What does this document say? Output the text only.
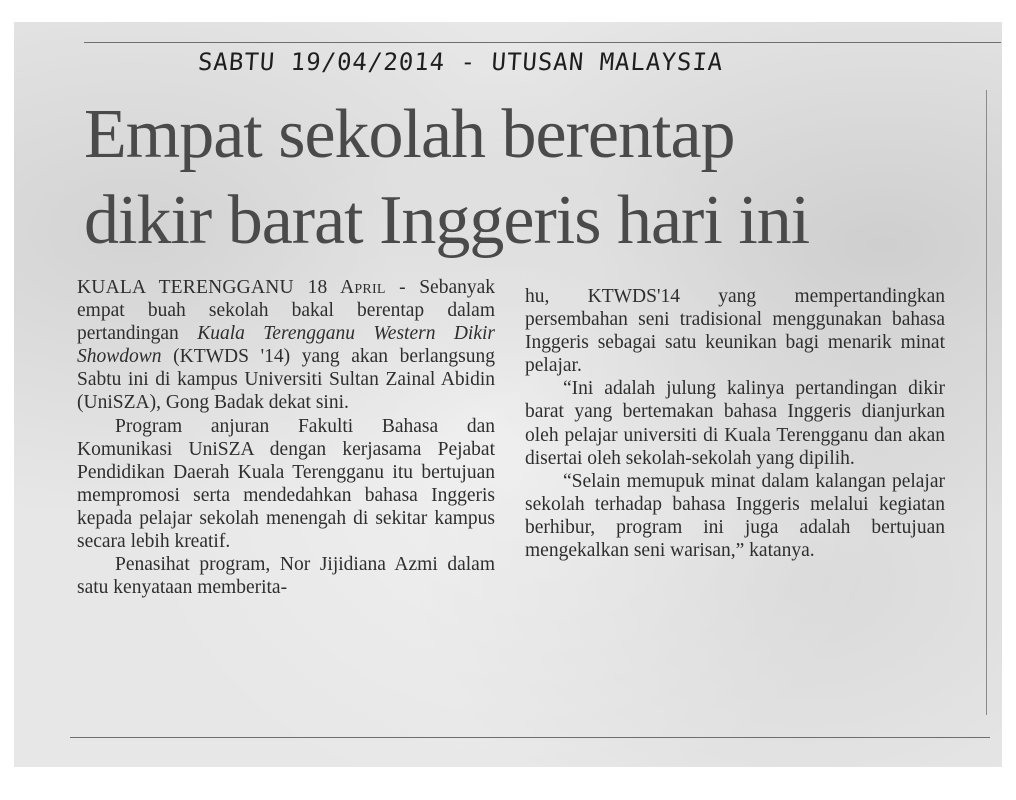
SABTU 19/04/2014 - UTUSAN MALAYSIA
Empat sekolah berentap
dikir barat Inggeris hari ini

KUALA TERENGGANU 18 April - Sebanyak empat buah sekolah bakal berentap dalam pertandingan Kuala Terengganu Western Dikir Showdown (KTWDS '14) yang akan berlangsung Sabtu ini di kampus Universiti Sultan Zainal Abidin (UniSZA), Gong Badak dekat sini.

Program anjuran Fakulti Bahasa dan Komunikasi UniSZA dengan kerjasama Pejabat Pendidikan Daerah Kuala Terengganu itu bertujuan mempromosi serta mendedahkan bahasa Inggeris kepada pelajar sekolah menengah di sekitar kampus secara lebih kreatif.

Penasihat program, Nor Jijidiana Azmi dalam satu kenyataan memberita-

hu, KTWDS'14 yang mempertandingkan persembahan seni tradisional menggunakan bahasa Inggeris sebagai satu keunikan bagi menarik minat pelajar.

“Ini adalah julung kalinya pertandingan dikir barat yang bertemakan bahasa Inggeris dianjurkan oleh pelajar universiti di Kuala Terengganu dan akan disertai oleh sekolah-sekolah yang dipilih.

“Selain memupuk minat dalam kalangan pelajar sekolah terhadap bahasa Inggeris melalui kegiatan berhibur, program ini juga adalah bertujuan mengekalkan seni warisan,” katanya.
